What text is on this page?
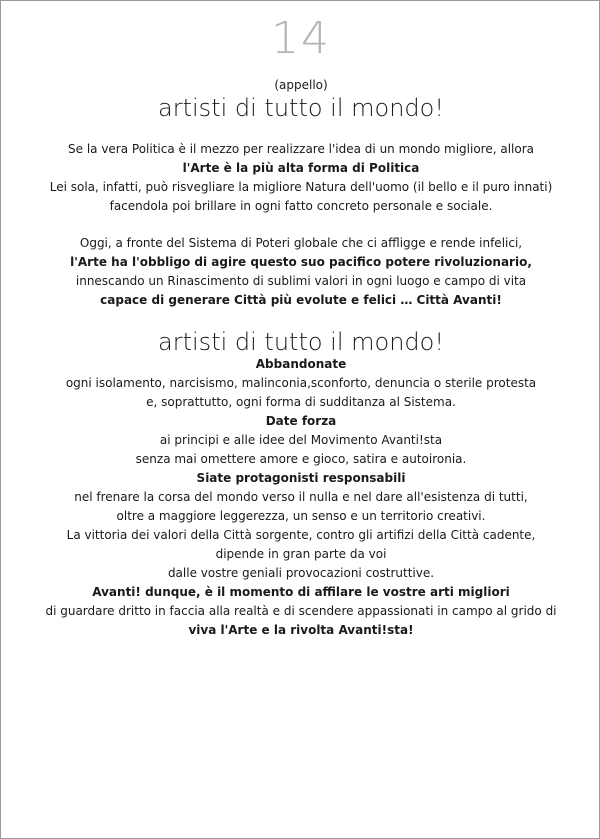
14
(appello)
artisti di tutto il mondo!
Se la vera Politica è il mezzo per realizzare l'idea di un mondo migliore, allora
l'Arte è la più alta forma di Politica
Lei sola, infatti, può risvegliare la migliore Natura dell'uomo (il bello e il puro innati)
facendola poi brillare in ogni fatto concreto personale e sociale.
Oggi, a fronte del Sistema di Poteri globale che ci affligge e rende infelici,
l'Arte ha l'obbligo di agire questo suo pacifico potere rivoluzionario,
innescando un Rinascimento di sublimi valori in ogni luogo e campo di vita
capace di generare Città più evolute e felici … Città Avanti!
artisti di tutto il mondo!
Abbandonate
ogni isolamento, narcisismo, malinconia,sconforto, denuncia o sterile protesta
e, soprattutto, ogni forma di sudditanza al Sistema.
Date forza
ai principi e alle idee del Movimento Avanti!sta
senza mai omettere amore e gioco, satira e autoironia.
Siate protagonisti responsabili
nel frenare la corsa del mondo verso il nulla e nel dare all'esistenza di tutti,
oltre a maggiore leggerezza, un senso e un territorio creativi.
La vittoria dei valori della Città sorgente, contro gli artifizi della Città cadente,
dipende in gran parte da voi
dalle vostre geniali provocazioni costruttive.
Avanti! dunque, è il momento di affilare le vostre arti migliori
di guardare dritto in faccia alla realtà e di scendere appassionati in campo al grido di
viva l'Arte e la rivolta Avanti!sta!
